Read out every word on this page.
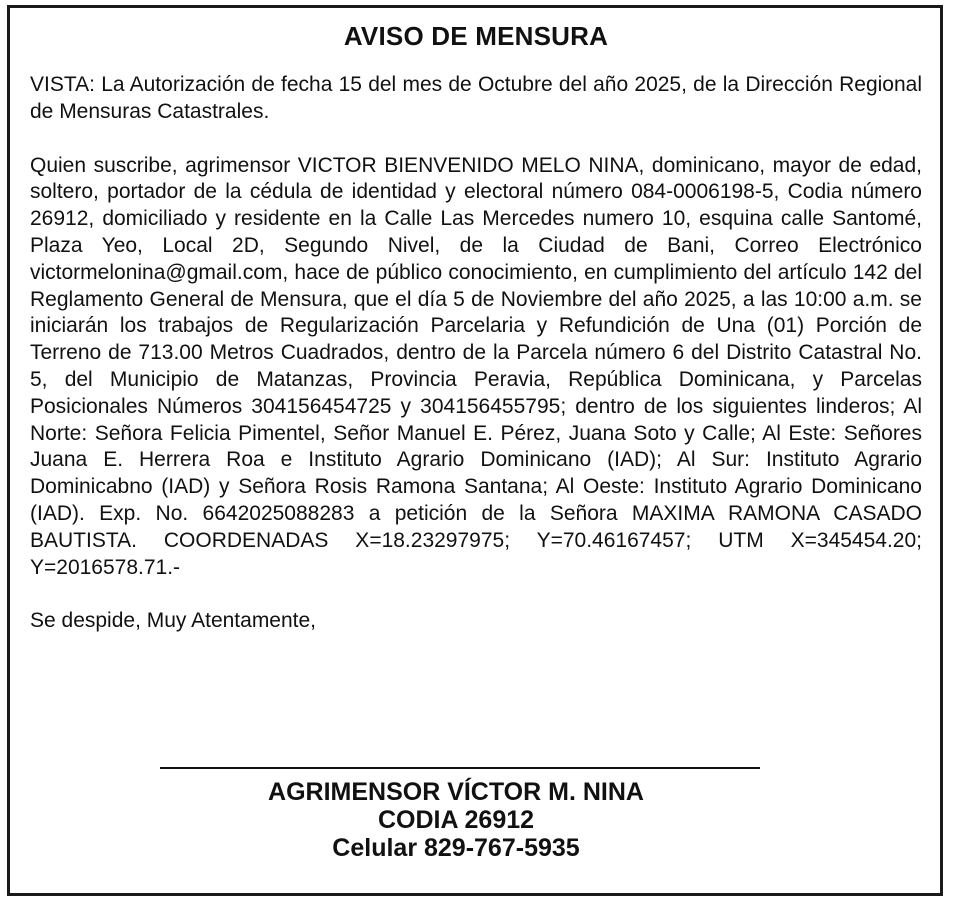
AVISO DE MENSURA

VISTA: La Autorización de fecha 15 del mes de Octubre del año 2025, de la Dirección Regional de Mensuras Catastrales.

Quien suscribe, agrimensor VICTOR BIENVENIDO MELO NINA, dominicano, mayor de edad, soltero, portador de la cédula de identidad y electoral número 084-0006198-5, Codia número 26912, domiciliado y residente en la Calle Las Mercedes numero 10, esquina calle Santomé, Plaza Yeo, Local 2D, Segundo Nivel, de la Ciudad de Bani, Correo Electrónico victormelonina@gmail.com, hace de público conocimiento, en cumplimiento del artículo 142 del Reglamento General de Mensura, que el día 5 de Noviembre del año 2025, a las 10:00 a.m. se iniciarán los trabajos de Regularización Parcelaria y Refundición de Una (01) Porción de Terreno de 713.00 Metros Cuadrados, dentro de la Parcela número 6 del Distrito Catastral No. 5, del Municipio de Matanzas, Provincia Peravia, República Dominicana, y Parcelas Posicionales Números 304156454725 y 304156455795; dentro de los siguientes linderos; Al Norte: Señora Felicia Pimentel, Señor Manuel E. Pérez, Juana Soto y Calle; Al Este: Señores Juana E. Herrera Roa e Instituto Agrario Dominicano (IAD); Al Sur: Instituto Agrario Dominicabno (IAD) y Señora Rosis Ramona Santana; Al Oeste: Instituto Agrario Dominicano (IAD). Exp. No. 6642025088283 a petición de la Señora MAXIMA RAMONA CASADO BAUTISTA. COORDENADAS X=18.23297975; Y=70.46167457; UTM X=345454.20; Y=2016578.71.-

Se despide, Muy Atentamente,

AGRIMENSOR VÍCTOR M. NINA
CODIA 26912
Celular 829-767-5935
